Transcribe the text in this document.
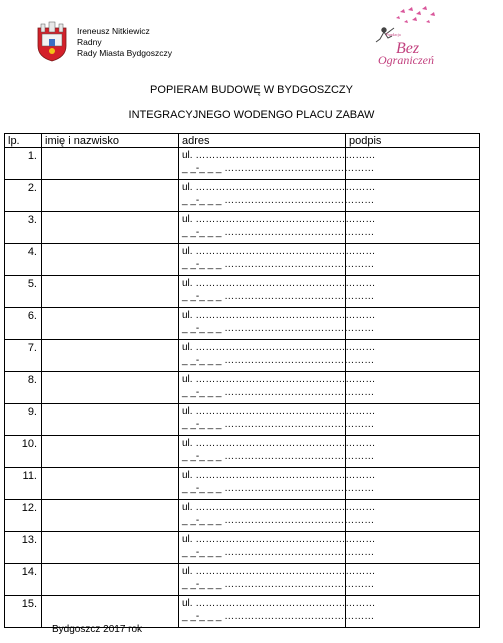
Ireneusz Nitkiewicz
Radny
Rady Miasta Bydgoszczy
Fundacja
Bez
Ograniczeń
POPIERAM BUDOWĘ W BYDGOSZCZY
INTEGRACYJNEGO WODENGO PLACU ZABAW
lp.	imię i nazwisko	adres	podpis
1.		ul. ………………………………………………
_ _-_ _ _ ………………………………………	

2.		ul. ………………………………………………
_ _-_ _ _ ………………………………………	

3.		ul. ………………………………………………
_ _-_ _ _ ………………………………………	

4.		ul. ………………………………………………
_ _-_ _ _ ………………………………………	

5.		ul. ………………………………………………
_ _-_ _ _ ………………………………………	

6.		ul. ………………………………………………
_ _-_ _ _ ………………………………………	

7.		ul. ………………………………………………
_ _-_ _ _ ………………………………………	

8.		ul. ………………………………………………
_ _-_ _ _ ………………………………………	

9.		ul. ………………………………………………
_ _-_ _ _ ………………………………………	

10.		ul. ………………………………………………
_ _-_ _ _ ………………………………………	

11.		ul. ………………………………………………
_ _-_ _ _ ………………………………………	

12.		ul. ………………………………………………
_ _-_ _ _ ………………………………………	

13.		ul. ………………………………………………
_ _-_ _ _ ………………………………………	

14.		ul. ………………………………………………
_ _-_ _ _ ………………………………………	

15.		ul. ………………………………………………
_ _-_ _ _ ………………………………………	

Bydgoszcz 2017 rok
